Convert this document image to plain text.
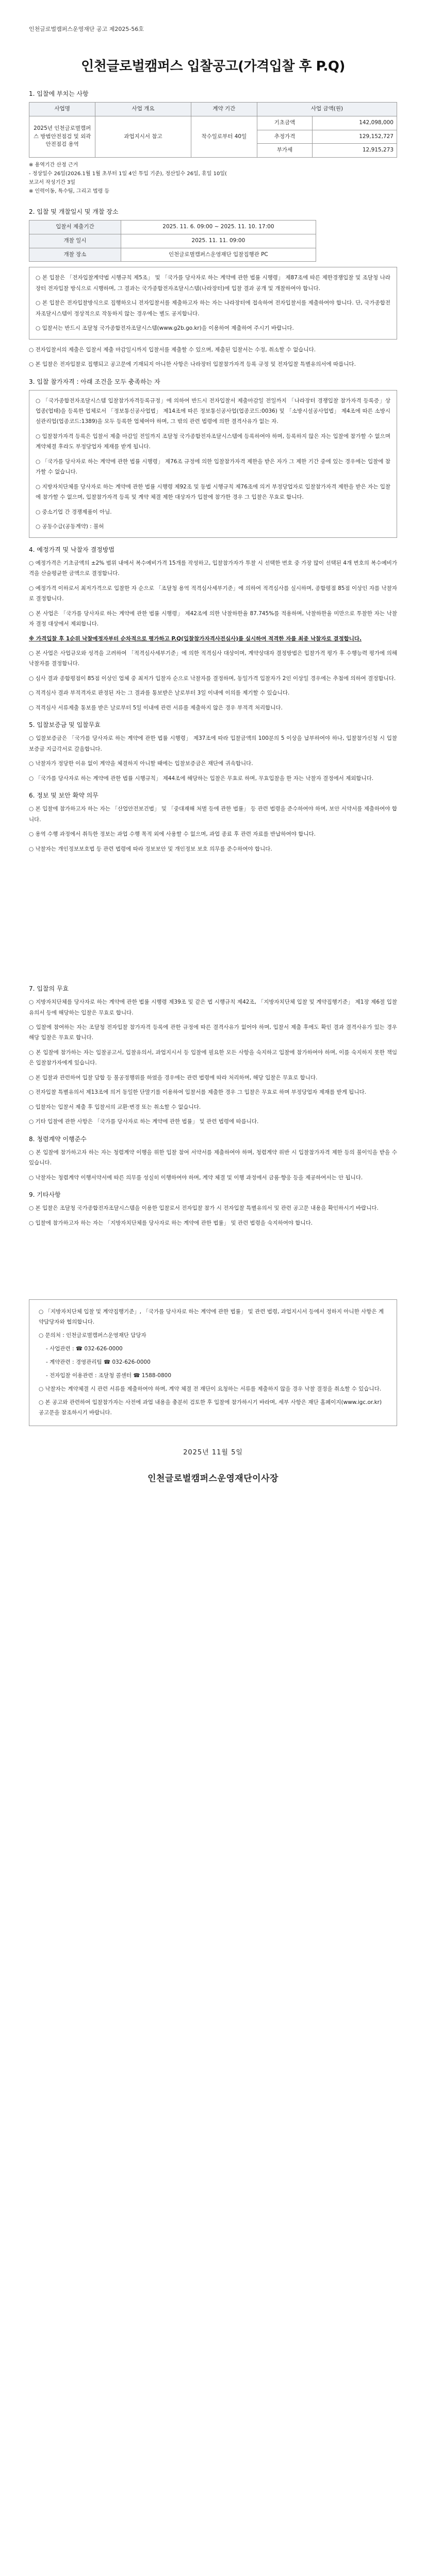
인천글로벌캠퍼스운영재단 공고 제2025-56호
인천글로벌캠퍼스 입찰공고(가격입찰 후 P.Q)
1. 입찰에 부치는 사항
사업명	사업 개요	계약 기간	사업 금액(원)	
2025년 인천글로벌캠퍼스 방범안전점검 및 외곽안전점검 용역	과업지시서 참고	착수일로부터 40일	기초금액	142,098,000
			추정가격	129,152,727
			부가세	12,915,273
※ 용역기간 산정 근거
- 정상일수 26일(2026.1월 1월 초부터 1일 4인 투입 기준), 정산일수 26일, 휴일 10일(
보고서 작성기간 3일
※ 인력이동, 특수팀, 그리고 법령 등
2. 입찰 및 개찰일시 및 개찰 장소
입찰서 제출기간	2025. 11. 6. 09:00 ~ 2025. 11. 10. 17:00
개찰 일시	2025. 11. 11. 09:00
개찰 장소	인천글로벌캠퍼스운영재단 입찰집행관 PC

○ 본 입찰은 「전자입찰계약법 시행규칙 제5조」 및 「국가를 당사자로 하는 계약에 관한 법률 시행령」 제87조에 따른 제한경쟁입찰 및 조달청 나라장터 전자입찰 방식으로 시행하며, 그 결과는 국가종합전자조달시스템(나라장터)에 입찰 결과 공개 및 개찰하여야 합니다.

○ 본 입찰은 전자입찰방식으로 집행하오니 전자입찰서를 제출하고자 하는 자는 나라장터에 접속하여 전자입찰서를 제출하여야 합니다. 단, 국가종합전자조달시스템이 정상적으로 작동하지 않는 경우에는 별도 공지합니다.

○ 입찰서는 반드시 조달청 국가종합전자조달시스템(www.g2b.go.kr)을 이용하여 제출하여 주시기 바랍니다.

○ 전자입찰서의 제출은 입찰서 제출 마감일시까지 입찰서를 제출할 수 있으며, 제출된 입찰서는 수정, 취소할 수 없습니다.

○ 본 입찰은 전자입찰로 집행되고 공고문에 기재되지 아니한 사항은 나라장터 입찰참가자격 등록 규정 및 전자입찰 특별유의서에 따릅니다.

3. 입찰 참가자격 : 아래 조건을 모두 충족하는 자

○ 「국가종합전자조달시스템 입찰참가자격등록규정」에 의하여 반드시 전자입찰서 제출마감일 전일까지 「나라장터 경쟁입찰 참가자격 등록증」상 업종(업태)을 등록한 업체로서 「정보통신공사업법」 제14조에 따른 정보통신공사업(업종코드:0036) 및 「소방시설공사업법」 제4조에 따른 소방시설관리업(업종코드:1389)을 모두 등록한 업체여야 하며, 그 밖의 관련 법령에 의한 결격사유가 없는 자.

○ 입찰참가자격 등록은 입찰서 제출 마감일 전일까지 조달청 국가종합전자조달시스템에 등록하여야 하며, 등록하지 않은 자는 입찰에 참가할 수 없으며 계약체결 후라도 부정당업자 제재를 받게 됩니다.

○ 「국가를 당사자로 하는 계약에 관한 법률 시행령」 제76조 규정에 의한 입찰참가자격 제한을 받은 자가 그 제한 기간 중에 있는 경우에는 입찰에 참가할 수 없습니다.

○ 지방자치단체를 당사자로 하는 계약에 관한 법률 시행령 제92조 및 동법 시행규칙 제76조에 의거 부정당업자로 입찰참가자격 제한을 받은 자는 입찰에 참가할 수 없으며, 입찰참가자격 등록 및 계약 체결 제한 대상자가 입찰에 참가한 경우 그 입찰은 무효로 합니다.

○ 중소기업 간 경쟁제품이 아님.

○ 공동수급(공동계약) : 불허

4. 예정가격 및 낙찰자 결정방법

○ 예정가격은 기초금액의 ±2% 범위 내에서 복수예비가격 15개를 작성하고, 입찰참가자가 투찰 시 선택한 번호 중 가장 많이 선택된 4개 번호의 복수예비가격을 산술평균한 금액으로 결정합니다.

○ 예정가격 이하로서 최저가격으로 입찰한 자 순으로 「조달청 용역 적격심사세부기준」에 의하여 적격심사를 실시하며, 종합평점 85점 이상인 자를 낙찰자로 결정합니다.

○ 본 사업은 「국가를 당사자로 하는 계약에 관한 법률 시행령」 제42조에 의한 낙찰하한율 87.745%를 적용하며, 낙찰하한율 미만으로 투찰한 자는 낙찰자 결정 대상에서 제외합니다.

※ 가격입찰 후 1순위 낙찰예정자부터 순차적으로 평가하고 P.Q(입찰참가자격사전심사)를 실시하여 적격한 자를 최종 낙찰자로 결정합니다.

○ 본 사업은 사업규모와 성격을 고려하여 「적격심사세부기준」에 의한 적격심사 대상이며, 계약상대자 결정방법은 입찰가격 평가 후 수행능력 평가에 의해 낙찰자를 결정합니다.

○ 심사 결과 종합평점이 85점 이상인 업체 중 최저가 입찰자 순으로 낙찰자를 결정하며, 동일가격 입찰자가 2인 이상일 경우에는 추첨에 의하여 결정합니다.

○ 적격심사 결과 부적격자로 판정된 자는 그 결과를 통보받은 날로부터 3일 이내에 이의를 제기할 수 있습니다.

○ 적격심사 서류제출 통보를 받은 날로부터 5일 이내에 관련 서류를 제출하지 않은 경우 부적격 처리합니다.

5. 입찰보증금 및 입찰무효

○ 입찰보증금은 「국가를 당사자로 하는 계약에 관한 법률 시행령」 제37조에 따라 입찰금액의 100분의 5 이상을 납부하여야 하나, 입찰참가신청 시 입찰보증금 지급각서로 갈음합니다.

○ 낙찰자가 정당한 이유 없이 계약을 체결하지 아니할 때에는 입찰보증금은 재단에 귀속합니다.

○ 「국가를 당사자로 하는 계약에 관한 법률 시행규칙」 제44조에 해당하는 입찰은 무효로 하며, 무효입찰을 한 자는 낙찰자 결정에서 제외합니다.

6. 정보 및 보안 확약 의무

○ 본 입찰에 참가하고자 하는 자는 「산업안전보건법」 및 「중대재해 처벌 등에 관한 법률」 등 관련 법령을 준수하여야 하며, 보안 서약서를 제출하여야 합니다.

○ 용역 수행 과정에서 취득한 정보는 과업 수행 목적 외에 사용할 수 없으며, 과업 종료 후 관련 자료를 반납하여야 합니다.

○ 낙찰자는 개인정보보호법 등 관련 법령에 따라 정보보안 및 개인정보 보호 의무를 준수하여야 합니다.

7. 입찰의 무효

○ 지방자치단체를 당사자로 하는 계약에 관한 법률 시행령 제39조 및 같은 법 시행규칙 제42조, 「지방자치단체 입찰 및 계약집행기준」 제1장 제6절 입찰유의서 등에 해당하는 입찰은 무효로 합니다.

○ 입찰에 참여하는 자는 조달청 전자입찰 참가자격 등록에 관한 규정에 따른 결격사유가 없어야 하며, 입찰서 제출 후에도 확인 결과 결격사유가 있는 경우 해당 입찰은 무효로 합니다.

○ 본 입찰에 참가하는 자는 입찰공고서, 입찰유의서, 과업지시서 등 입찰에 필요한 모든 사항을 숙지하고 입찰에 참가하여야 하며, 이를 숙지하지 못한 책임은 입찰참가자에게 있습니다.

○ 본 입찰과 관련하여 입찰 담합 등 불공정행위를 하였을 경우에는 관련 법령에 따라 처리하며, 해당 입찰은 무효로 합니다.

○ 전자입찰 특별유의서 제13조에 의거 동일한 단말기를 이용하여 입찰서를 제출한 경우 그 입찰은 무효로 하며 부정당업자 제재를 받게 됩니다.

○ 입찰자는 입찰서 제출 후 입찰서의 교환·변경 또는 취소할 수 없습니다.

○ 기타 입찰에 관한 사항은 「국가를 당사자로 하는 계약에 관한 법률」 및 관련 법령에 따릅니다.

8. 청렴계약 이행준수

○ 본 입찰에 참가하고자 하는 자는 청렴계약 이행을 위한 입찰 참여 서약서를 제출하여야 하며, 청렴계약 위반 시 입찰참가자격 제한 등의 불이익을 받을 수 있습니다.

○ 낙찰자는 청렴계약 이행서약서에 따른 의무를 성실히 이행하여야 하며, 계약 체결 및 이행 과정에서 금품·향응 등을 제공하여서는 안 됩니다.

9. 기타사항

○ 본 입찰은 조달청 국가종합전자조달시스템을 이용한 입찰로서 전자입찰 참가 시 전자입찰 특별유의서 및 관련 공고문 내용을 확인하시기 바랍니다.

○ 입찰에 참가하고자 하는 자는 「지방자치단체를 당사자로 하는 계약에 관한 법률」 및 관련 법령을 숙지하여야 합니다.

○ 「지방자치단체 입찰 및 계약집행기준」, 「국가를 당사자로 하는 계약에 관한 법률」 및 관련 법령, 과업지시서 등에서 정하지 아니한 사항은 계약담당자와 협의합니다.

○ 문의처 : 인천글로벌캠퍼스운영재단 담당자

- 사업관련 : ☎ 032-626-0000

- 계약관련 : 경영관리팀 ☎ 032-626-0000

- 전자입찰 이용관련 : 조달청 콜센터 ☎ 1588-0800

○ 낙찰자는 계약체결 시 관련 서류를 제출하여야 하며, 계약 체결 전 재단이 요청하는 서류를 제출하지 않을 경우 낙찰 결정을 취소할 수 있습니다.

○ 본 공고와 관련하여 입찰참가자는 사전에 과업 내용을 충분히 검토한 후 입찰에 참가하시기 바라며, 세부 사항은 재단 홈페이지(www.igc.or.kr) 공고문을 참조하시기 바랍니다.

2025년 11월 5일
인천글로벌캠퍼스운영재단이사장
